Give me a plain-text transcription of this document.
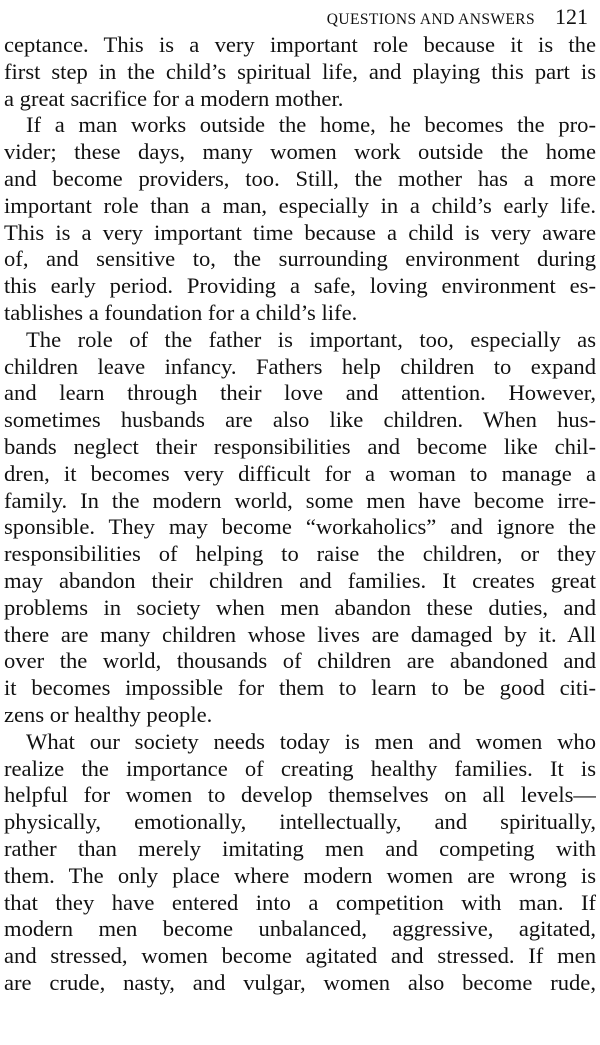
QUESTIONS AND ANSWERS 121
ceptance. This is a very important role because it is the
first step in the child’s spiritual life, and playing this part is
a great sacrifice for a modern mother.
If a man works outside the home, he becomes the pro-
vider; these days, many women work outside the home
and become providers, too. Still, the mother has a more
important role than a man, especially in a child’s early life.
This is a very important time because a child is very aware
of, and sensitive to, the surrounding environment during
this early period. Providing a safe, loving environment es-
tablishes a foundation for a child’s life.
The role of the father is important, too, especially as
children leave infancy. Fathers help children to expand
and learn through their love and attention. However,
sometimes husbands are also like children. When hus-
bands neglect their responsibilities and become like chil-
dren, it becomes very difficult for a woman to manage a
family. In the modern world, some men have become irre-
sponsible. They may become “workaholics” and ignore the
responsibilities of helping to raise the children, or they
may abandon their children and families. It creates great
problems in society when men abandon these duties, and
there are many children whose lives are damaged by it. All
over the world, thousands of children are abandoned and
it becomes impossible for them to learn to be good citi-
zens or healthy people.
What our society needs today is men and women who
realize the importance of creating healthy families. It is
helpful for women to develop themselves on all levels—
physically, emotionally, intellectually, and spiritually,
rather than merely imitating men and competing with
them. The only place where modern women are wrong is
that they have entered into a competition with man. If
modern men become unbalanced, aggressive, agitated,
and stressed, women become agitated and stressed. If men
are crude, nasty, and vulgar, women also become rude,
